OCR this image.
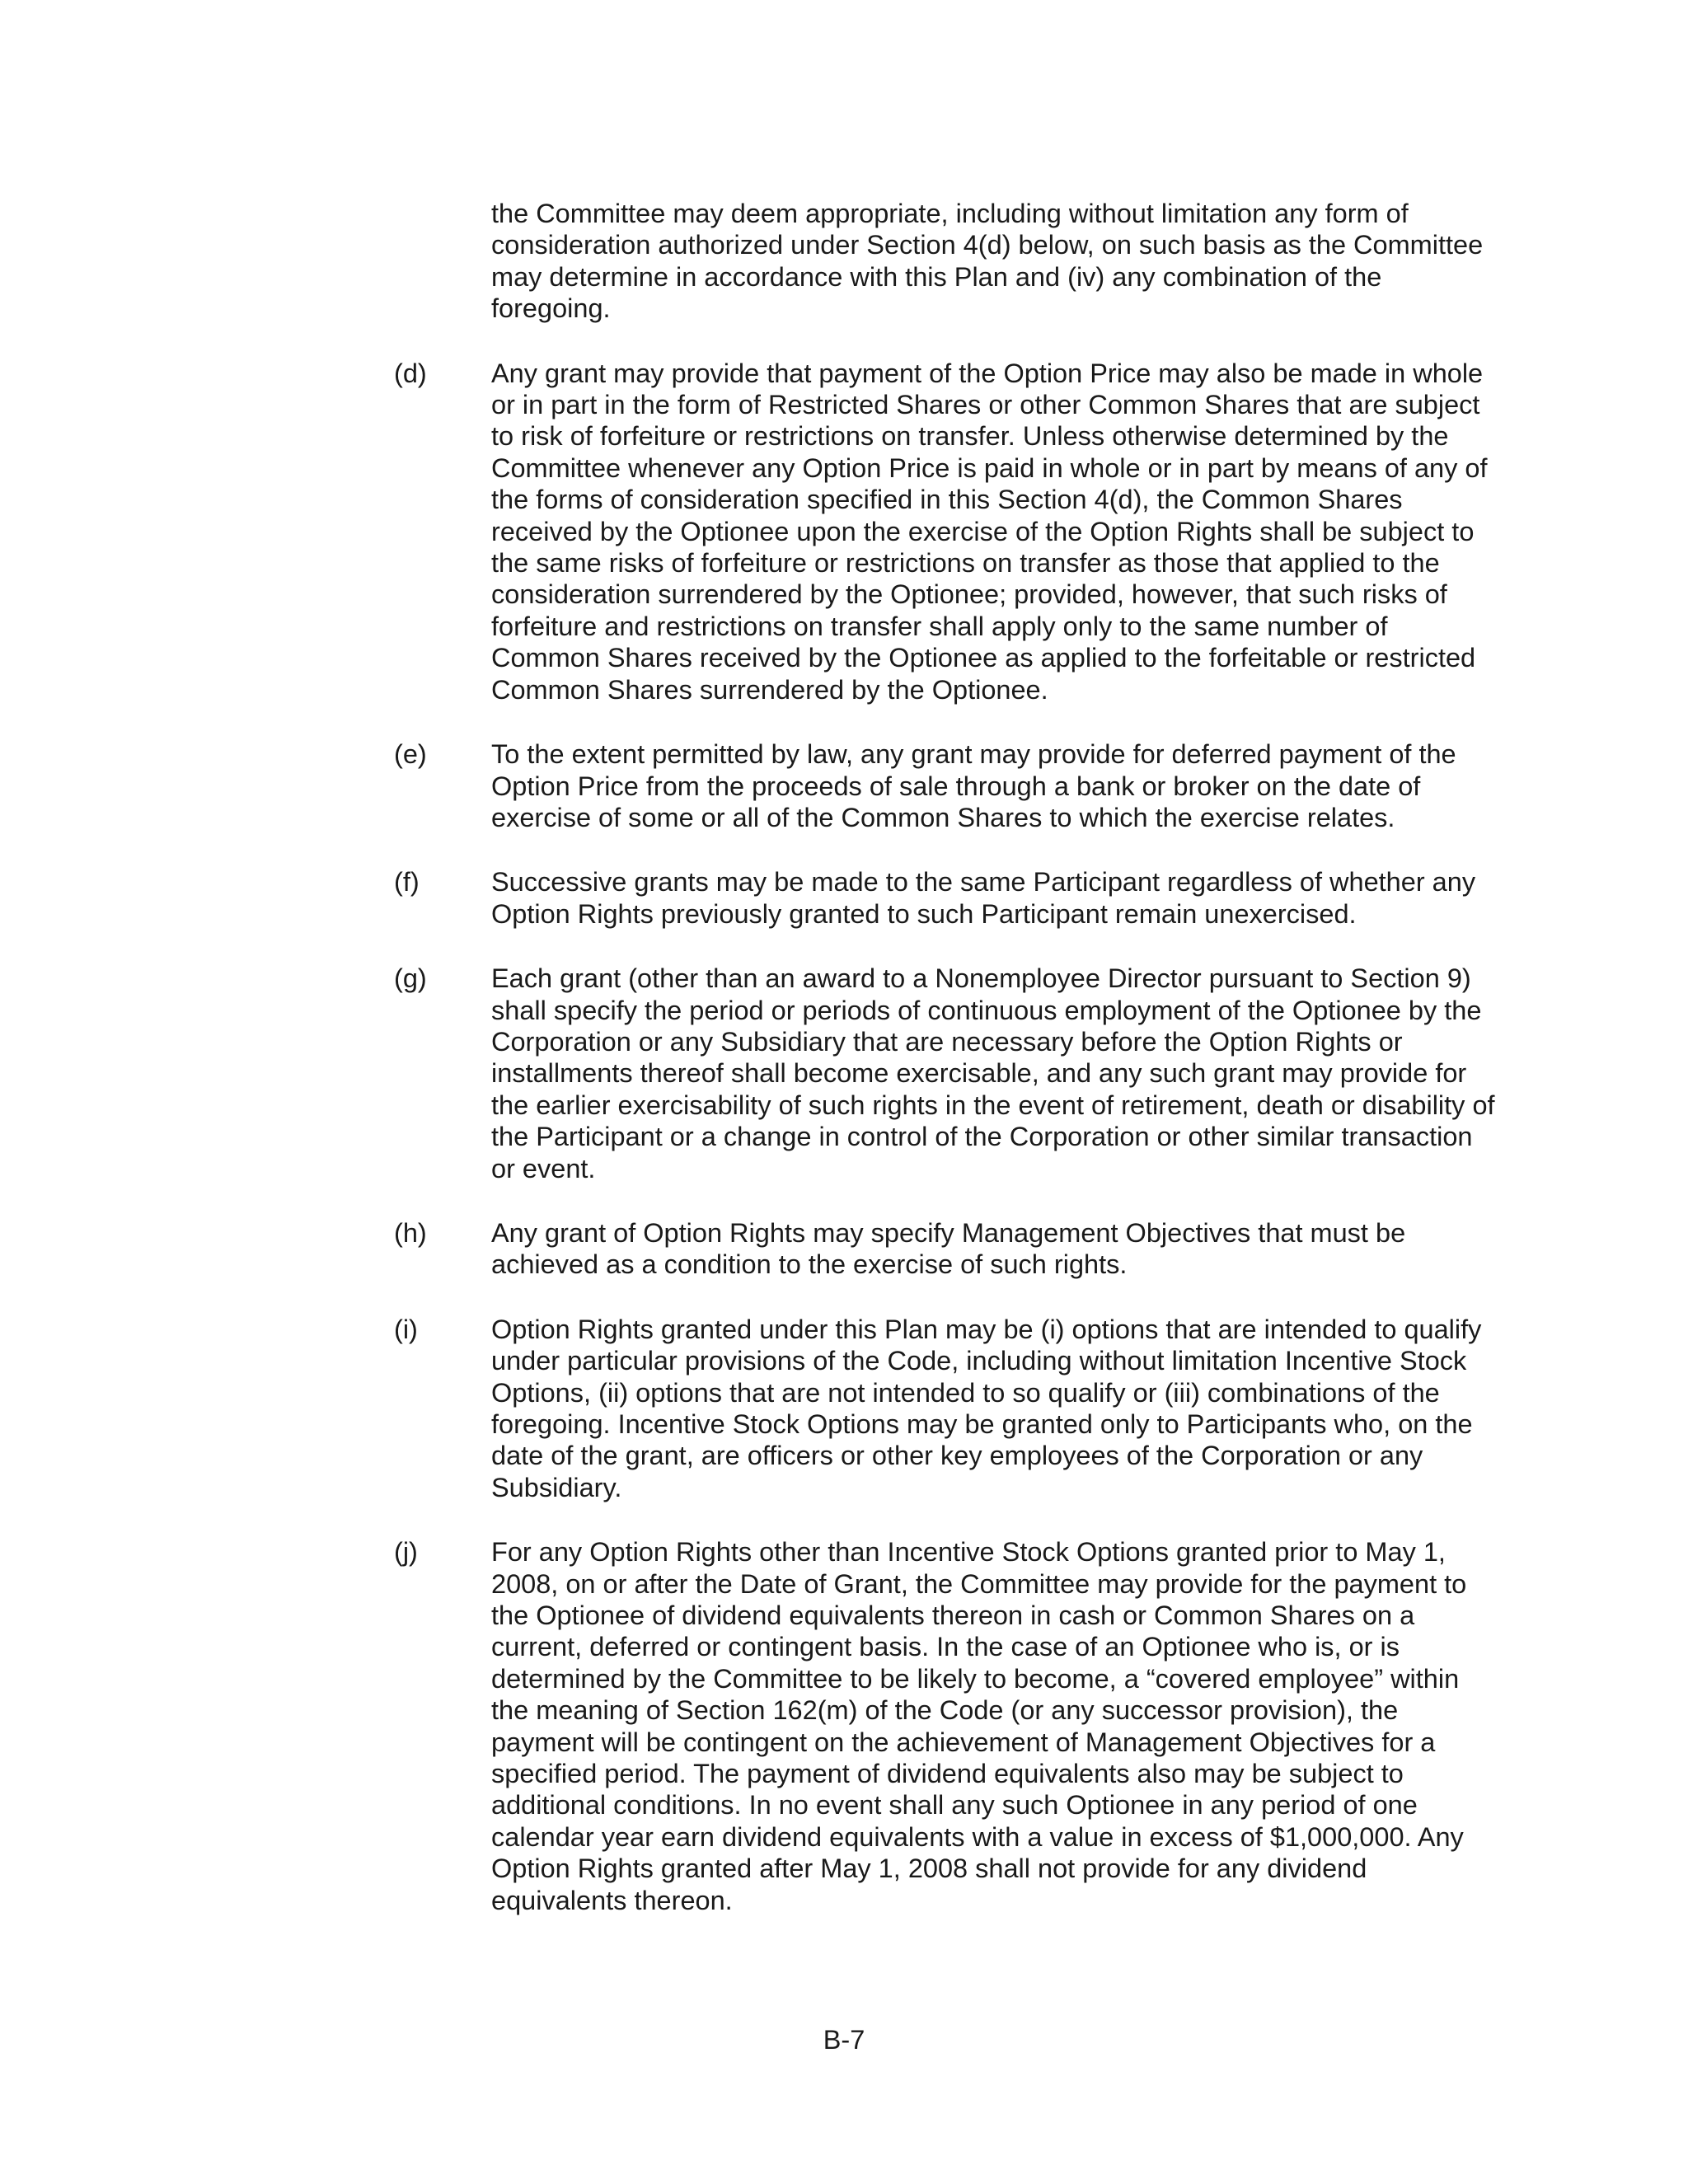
the Committee may deem appropriate, including without limitation any form of consideration authorized under Section 4(d) below, on such basis as the Committee may determine in accordance with this Plan and (iv) any combination of the foregoing.
(d)	Any grant may provide that payment of the Option Price may also be made in whole or in part in the form of Restricted Shares or other Common Shares that are subject to risk of forfeiture or restrictions on transfer. Unless otherwise determined by the Committee whenever any Option Price is paid in whole or in part by means of any of the forms of consideration specified in this Section 4(d), the Common Shares received by the Optionee upon the exercise of the Option Rights shall be subject to the same risks of forfeiture or restrictions on transfer as those that applied to the consideration surrendered by the Optionee; provided, however, that such risks of forfeiture and restrictions on transfer shall apply only to the same number of Common Shares received by the Optionee as applied to the forfeitable or restricted Common Shares surrendered by the Optionee.
(e)	To the extent permitted by law, any grant may provide for deferred payment of the Option Price from the proceeds of sale through a bank or broker on the date of exercise of some or all of the Common Shares to which the exercise relates.
(f)	Successive grants may be made to the same Participant regardless of whether any Option Rights previously granted to such Participant remain unexercised.
(g)	Each grant (other than an award to a Nonemployee Director pursuant to Section 9) shall specify the period or periods of continuous employment of the Optionee by the Corporation or any Subsidiary that are necessary before the Option Rights or installments thereof shall become exercisable, and any such grant may provide for the earlier exercisability of such rights in the event of retirement, death or disability of the Participant or a change in control of the Corporation or other similar transaction or event.
(h)	Any grant of Option Rights may specify Management Objectives that must be achieved as a condition to the exercise of such rights.
(i)	Option Rights granted under this Plan may be (i) options that are intended to qualify under particular provisions of the Code, including without limitation Incentive Stock Options, (ii) options that are not intended to so qualify or (iii) combinations of the foregoing. Incentive Stock Options may be granted only to Participants who, on the date of the grant, are officers or other key employees of the Corporation or any Subsidiary.
(j)	For any Option Rights other than Incentive Stock Options granted prior to May 1, 2008, on or after the Date of Grant, the Committee may provide for the payment to the Optionee of dividend equivalents thereon in cash or Common Shares on a current, deferred or contingent basis. In the case of an Optionee who is, or is determined by the Committee to be likely to become, a “covered employee” within the meaning of Section 162(m) of the Code (or any successor provision), the payment will be contingent on the achievement of Management Objectives for a specified period. The payment of dividend equivalents also may be subject to additional conditions. In no event shall any such Optionee in any period of one calendar year earn dividend equivalents with a value in excess of $1,000,000. Any Option Rights granted after May 1, 2008 shall not provide for any dividend equivalents thereon.
B-7
